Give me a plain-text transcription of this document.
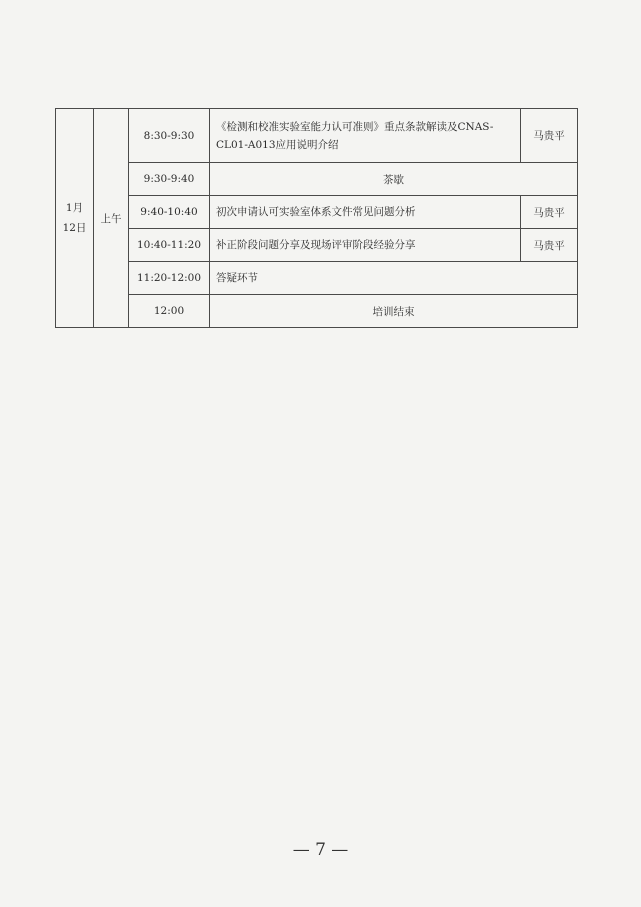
1月
12日	上午	8:30-9:30	《检测和校准实验室能力认可准则》重点条款解读及CNAS-CL01-A013应用说明介绍	马贵平
		9:30-9:40	茶歇	
		9:40-10:40	初次申请认可实验室体系文件常见问题分析	马贵平
		10:40-11:20	补正阶段问题分享及现场评审阶段经验分享	马贵平
		11:20-12:00	答疑环节	
		12:00	培训结束	
— 7 —
